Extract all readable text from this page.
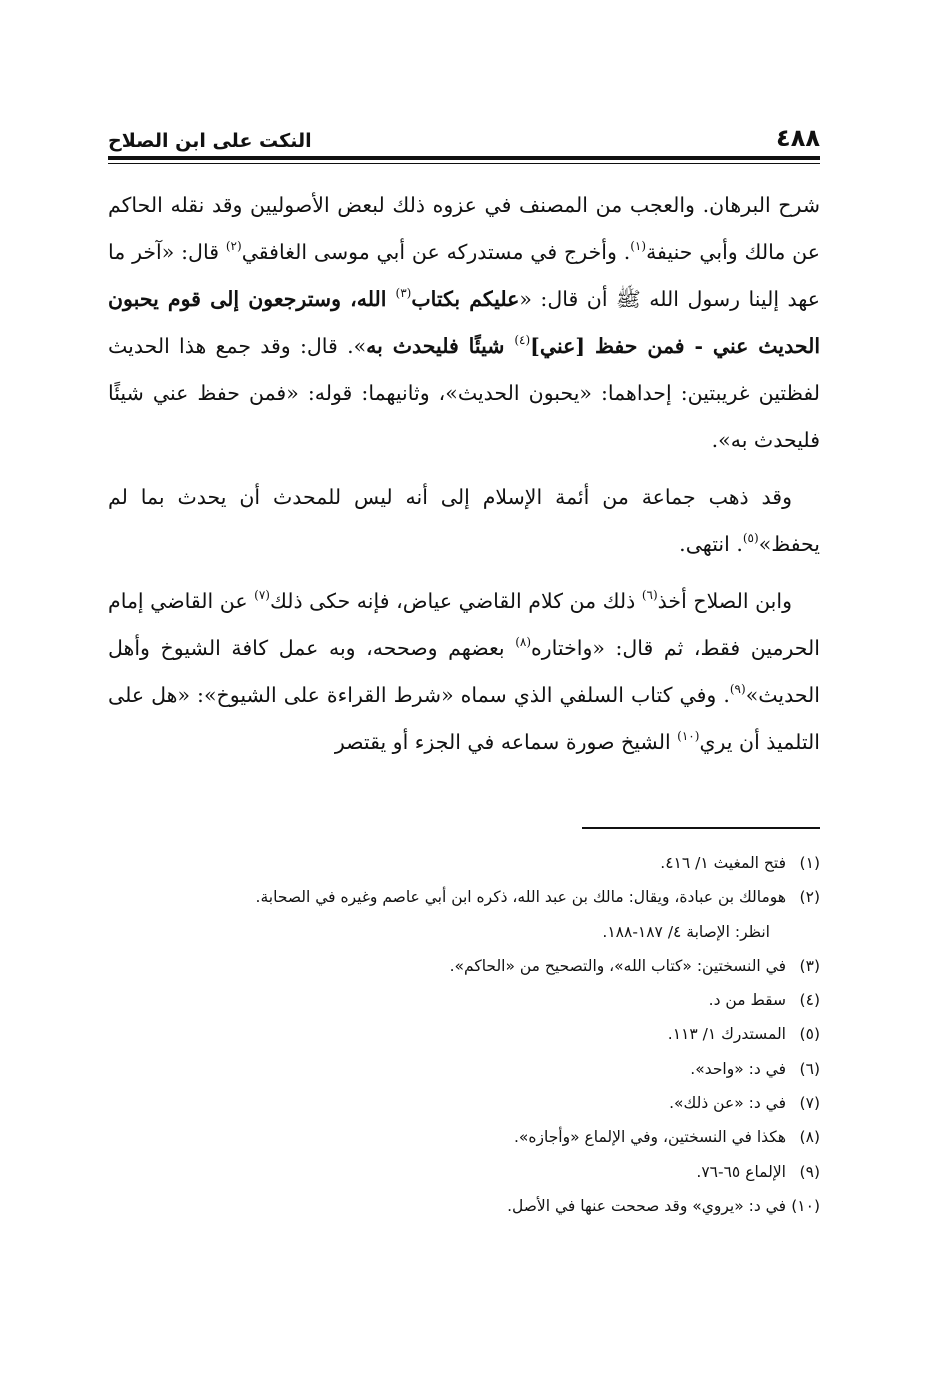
٤٨٨
النكت على ابن الصلاح

شرح البرهان. والعجب من المصنف في عزوه ذلك لبعض الأصوليين وقد نقله الحاكم عن مالك وأبي حنيفة$^{(١)}$. وأخرج في مستدركه عن أبي موسى الغافقي$^{(٢)}$ قال: «آخر ما عهد إلينا رسول الله ﷺ أن قال: «عليكم بكتاب$^{(٣)}$ الله، وسترجعون إلى قوم يحبون الحديث عني - فمن حفظ [عني]$^{(٤)}$ شيئًا فليحدث به». قال: وقد جمع هذا الحديث لفظتين غريبتين: إحداهما: «يحبون الحديث»، وثانيهما: قوله: «فمن حفظ عني شيئًا فليحدث به».

وقد ذهب جماعة من أئمة الإسلام إلى أنه ليس للمحدث أن يحدث بما لم يحفظ»$^{(٥)}$. انتهى.

وابن الصلاح أخذ$^{(٦)}$ ذلك من كلام القاضي عياض، فإنه حكى ذلك$^{(٧)}$ عن القاضي إمام الحرمين فقط، ثم قال: «واختاره$^{(٨)}$ بعضهم وصححه، وبه عمل كافة الشيوخ وأهل الحديث»$^{(٩)}$. وفي كتاب السلفي الذي سماه «شرط القراءة على الشيوخ»: «هل على التلميذ أن يري$^{(١٠)}$ الشيخ صورة سماعه في الجزء أو يقتصر

(١)فتح المغيث ١/ ٤١٦.

(٢)هومالك بن عبادة، ويقال: مالك بن عبد الله، ذكره ابن أبي عاصم وغيره في الصحابة.

انظر: الإصابة ٤/ ١٨٧-١٨٨.

(٣)في النسختين: «كتاب الله»، والتصحيح من «الحاكم».

(٤)سقط من د.

(٥)المستدرك ١/ ١١٣.

(٦)في د: «واحد».

(٧)في د: «عن ذلك».

(٨)هكذا في النسختين، وفي الإلماع «وأجازه».

(٩)الإلماع ٦٥-٧٦.

(١٠)في د: «يروي» وقد صححت عنها في الأصل.
